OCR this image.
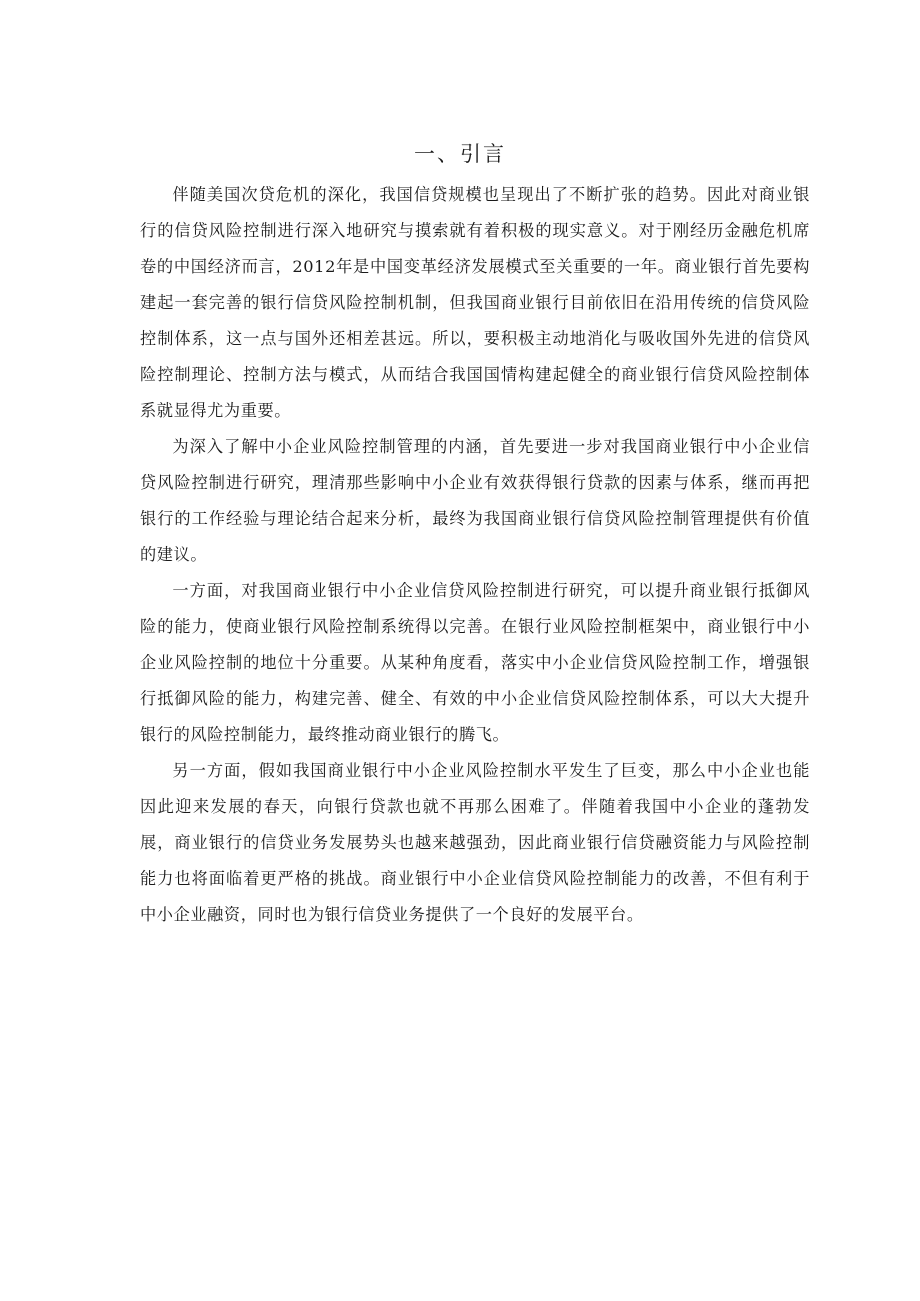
一、引言

伴随美国次贷危机的深化，我国信贷规模也呈现出了不断扩张的趋势。因此对商业银行的信贷风险控制进行深入地研究与摸索就有着积极的现实意义。对于刚经历金融危机席卷的中国经济而言，2012年是中国变革经济发展模式至关重要的一年。商业银行首先要构建起一套完善的银行信贷风险控制机制，但我国商业银行目前依旧在沿用传统的信贷风险控制体系，这一点与国外还相差甚远。所以，要积极主动地消化与吸收国外先进的信贷风险控制理论、控制方法与模式，从而结合我国国情构建起健全的商业银行信贷风险控制体系就显得尤为重要。

为深入了解中小企业风险控制管理的内涵，首先要进一步对我国商业银行中小企业信贷风险控制进行研究，理清那些影响中小企业有效获得银行贷款的因素与体系，继而再把银行的工作经验与理论结合起来分析，最终为我国商业银行信贷风险控制管理提供有价值的建议。

一方面，对我国商业银行中小企业信贷风险控制进行研究，可以提升商业银行抵御风险的能力，使商业银行风险控制系统得以完善。在银行业风险控制框架中，商业银行中小企业风险控制的地位十分重要。从某种角度看，落实中小企业信贷风险控制工作，增强银行抵御风险的能力，构建完善、健全、有效的中小企业信贷风险控制体系，可以大大提升银行的风险控制能力，最终推动商业银行的腾飞。

另一方面，假如我国商业银行中小企业风险控制水平发生了巨变，那么中小企业也能因此迎来发展的春天，向银行贷款也就不再那么困难了。伴随着我国中小企业的蓬勃发展，商业银行的信贷业务发展势头也越来越强劲，因此商业银行信贷融资能力与风险控制能力也将面临着更严格的挑战。商业银行中小企业信贷风险控制能力的改善，不但有利于中小企业融资，同时也为银行信贷业务提供了一个良好的发展平台。
